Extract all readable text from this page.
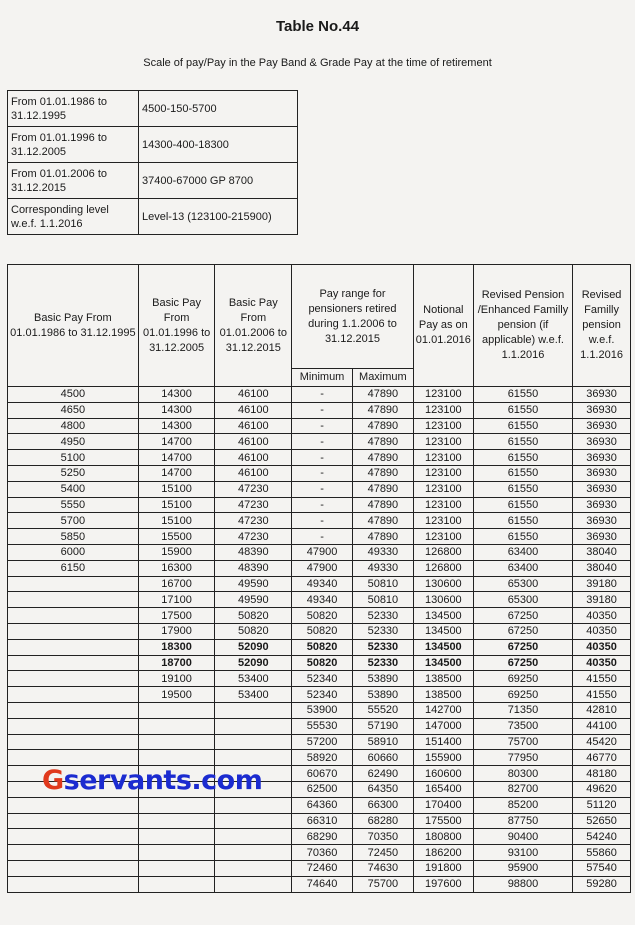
Table No.44
Scale of pay/Pay in the Pay Band & Grade Pay at the time of retirement
From 01.01.1986 to 31.12.1995	4500-150-5700
From 01.01.1996 to 31.12.2005	14300-400-18300
From 01.01.2006 to 31.12.2015	37400-67000 GP 8700
Corresponding level w.e.f. 1.1.2016	Level-13 (123100-215900)
Basic Pay From 01.01.1986 to 31.12.1995	Basic Pay From 01.01.1996 to 31.12.2005	Basic Pay From 01.01.2006 to 31.12.2015	Pay range for pensioners retired during 1.1.2006 to 31.12.2015		Notional Pay as on 01.01.2016	Revised Pension /Enhanced Familly pension (if applicable) w.e.f. 1.1.2016	Revised Familly pension w.e.f. 1.1.2016
			Minimum	Maximum			
4500	14300	46100	-	47890	123100	61550	36930
4650	14300	46100	-	47890	123100	61550	36930
4800	14300	46100	-	47890	123100	61550	36930
4950	14700	46100	-	47890	123100	61550	36930
5100	14700	46100	-	47890	123100	61550	36930
5250	14700	46100	-	47890	123100	61550	36930
5400	15100	47230	-	47890	123100	61550	36930
5550	15100	47230	-	47890	123100	61550	36930
5700	15100	47230	-	47890	123100	61550	36930
5850	15500	47230	-	47890	123100	61550	36930
6000	15900	48390	47900	49330	126800	63400	38040
6150	16300	48390	47900	49330	126800	63400	38040
	16700	49590	49340	50810	130600	65300	39180
	17100	49590	49340	50810	130600	65300	39180
	17500	50820	50820	52330	134500	67250	40350
	17900	50820	50820	52330	134500	67250	40350
	18300	52090	50820	52330	134500	67250	40350
	18700	52090	50820	52330	134500	67250	40350
	19100	53400	52340	53890	138500	69250	41550
	19500	53400	52340	53890	138500	69250	41550
			53900	55520	142700	71350	42810
			55530	57190	147000	73500	44100
			57200	58910	151400	75700	45420
			58920	60660	155900	77950	46770
			60670	62490	160600	80300	48180
			62500	64350	165400	82700	49620
			64360	66300	170400	85200	51120
			66310	68280	175500	87750	52650
			68290	70350	180800	90400	54240
			70360	72450	186200	93100	55860
			72460	74630	191800	95900	57540
			74640	75700	197600	98800	59280
Gservants.com
